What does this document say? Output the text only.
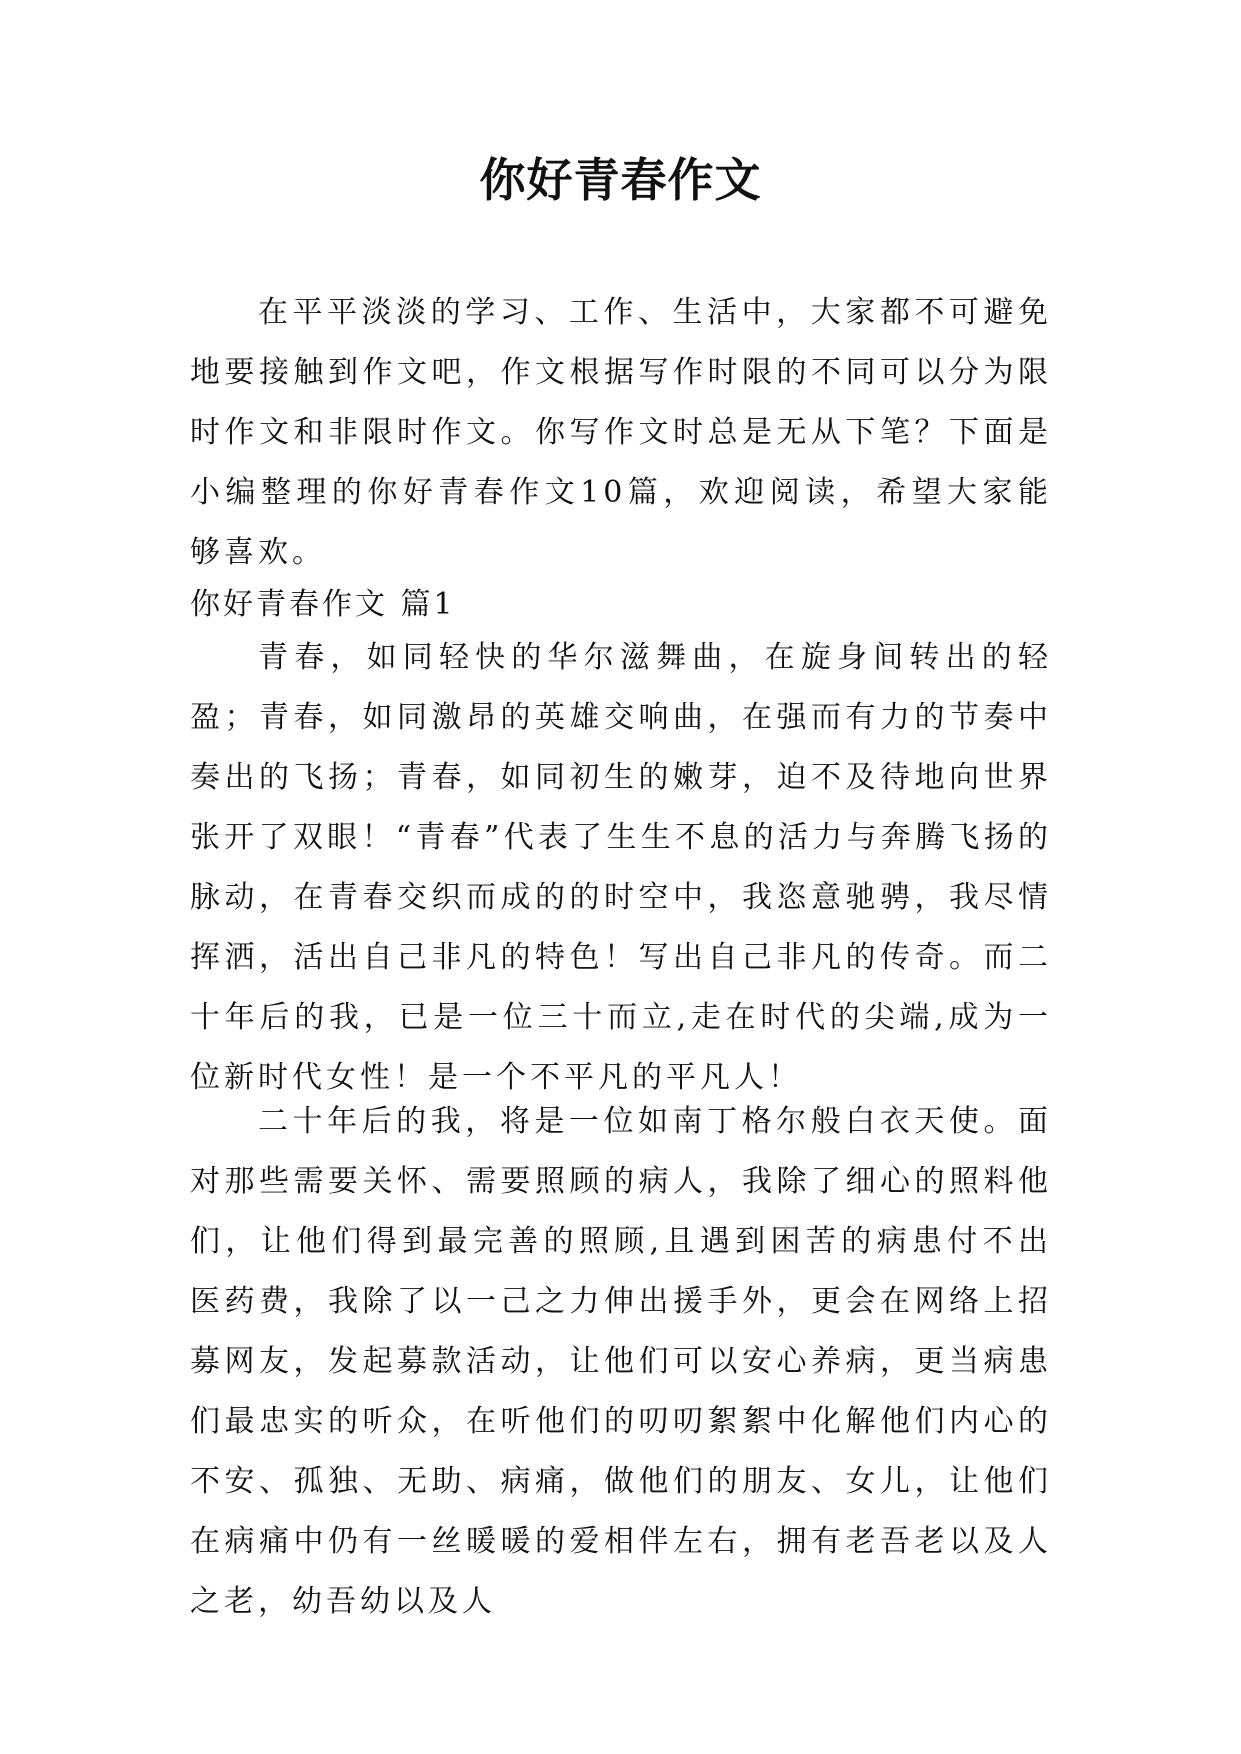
你好青春作文

在平平淡淡的学习、工作、生活中，大家都不可避免地要接触到作文吧，作文根据写作时限的不同可以分为限时作文和非限时作文。你写作文时总是无从下笔？下面是小编整理的你好青春作文10篇，欢迎阅读，希望大家能够喜欢。

你好青春作文 篇1

青春，如同轻快的华尔滋舞曲，在旋身间转出的轻盈；青春，如同激昂的英雄交响曲，在强而有力的节奏中奏出的飞扬；青春，如同初生的嫩芽，迫不及待地向世界张开了双眼！“青春”代表了生生不息的活力与奔腾飞扬的脉动，在青春交织而成的的时空中，我恣意驰骋，我尽情挥洒，活出自己非凡的特色！写出自己非凡的传奇。而二十年后的我，已是一位三十而立,走在时代的尖端,成为一位新时代女性！是一个不平凡的平凡人！

二十年后的我，将是一位如南丁格尔般白衣天使。面对那些需要关怀、需要照顾的病人，我除了细心的照料他们，让他们得到最完善的照顾,且遇到困苦的病患付不出医药费，我除了以一己之力伸出援手外，更会在网络上招募网友，发起募款活动，让他们可以安心养病，更当病患们最忠实的听众，在听他们的叨叨絮絮中化解他们内心的不安、孤独、无助、病痛，做他们的朋友、女儿，让他们在病痛中仍有一丝暖暖的爱相伴左右，拥有老吾老以及人之老，幼吾幼以及人
